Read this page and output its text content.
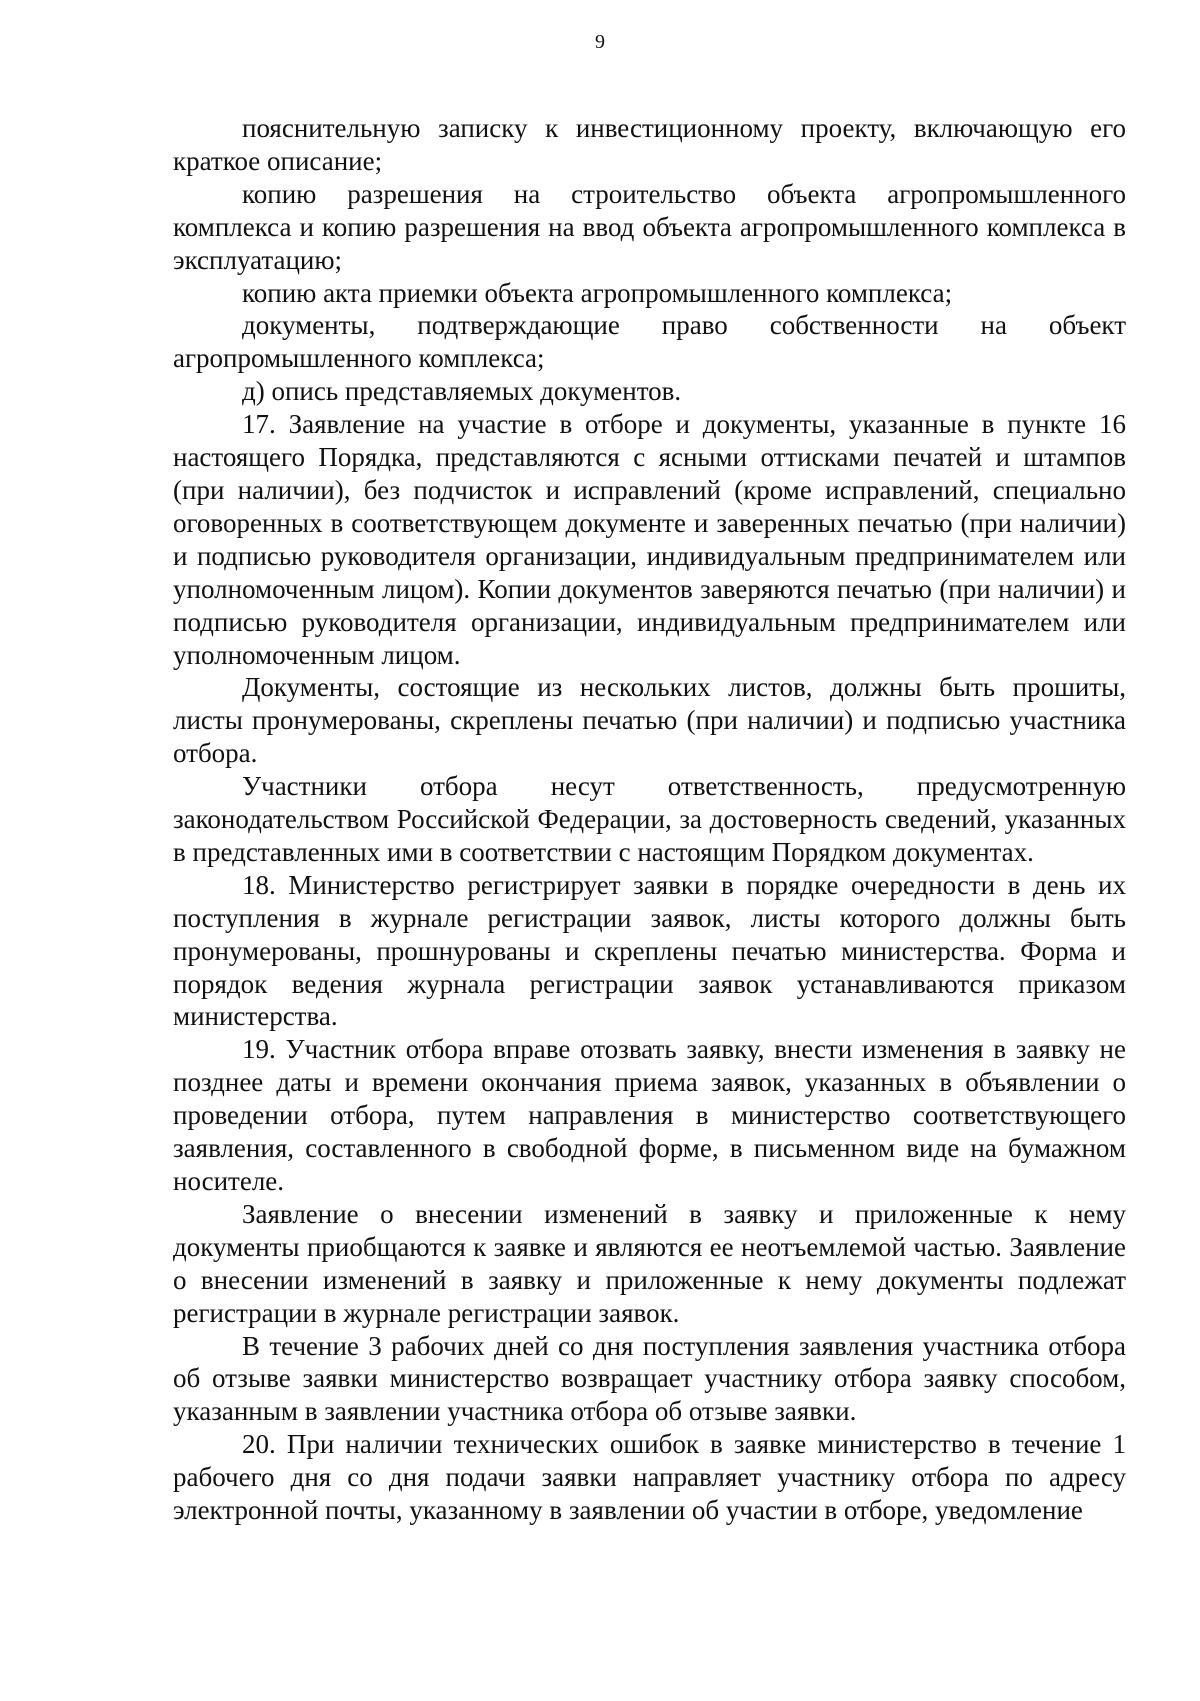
9

пояснительную записку к инвестиционному проекту, включающую его краткое описание;

копию разрешения на строительство объекта агропромышленного комплекса и копию разрешения на ввод объекта агропромышленного комплекса в эксплуатацию;

копию акта приемки объекта агропромышленного комплекса;

документы, подтверждающие право собственности на объект агропромышленного комплекса;

д) опись представляемых документов.

17. Заявление на участие в отборе и документы, указанные в пункте 16 настоящего Порядка, представляются с ясными оттисками печатей и штампов (при наличии), без подчисток и исправлений (кроме исправлений, специально оговоренных в соответствующем документе и заверенных печатью (при наличии) и подписью руководителя организации, индивидуальным предпринимателем или уполномоченным лицом). Копии документов заверяются печатью (при наличии) и подписью руководителя организации, индивидуальным предпринимателем или уполномоченным лицом.

Документы, состоящие из нескольких листов, должны быть прошиты, листы пронумерованы, скреплены печатью (при наличии) и подписью участника отбора.

Участники отбора несут ответственность, предусмотренную законодательством Российской Федерации, за достоверность сведений, указанных в представленных ими в соответствии с настоящим Порядком документах.

18. Министерство регистрирует заявки в порядке очередности в день их поступления в журнале регистрации заявок, листы которого должны быть пронумерованы, прошнурованы и скреплены печатью министерства. Форма и порядок ведения журнала регистрации заявок устанавливаются приказом министерства.

19. Участник отбора вправе отозвать заявку, внести изменения в заявку не позднее даты и времени окончания приема заявок, указанных в объявлении о проведении отбора, путем направления в министерство соответствующего заявления, составленного в свободной форме, в письменном виде на бумажном носителе.

Заявление о внесении изменений в заявку и приложенные к нему документы приобщаются к заявке и являются ее неотъемлемой частью. Заявление о внесении изменений в заявку и приложенные к нему документы подлежат регистрации в журнале регистрации заявок.

В течение 3 рабочих дней со дня поступления заявления участника отбора об отзыве заявки министерство возвращает участнику отбора заявку способом, указанным в заявлении участника отбора об отзыве заявки.

20. При наличии технических ошибок в заявке министерство в течение 1 рабочего дня со дня подачи заявки направляет участнику отбора по адресу электронной почты, указанному в заявлении об участии в отборе, уведомление
